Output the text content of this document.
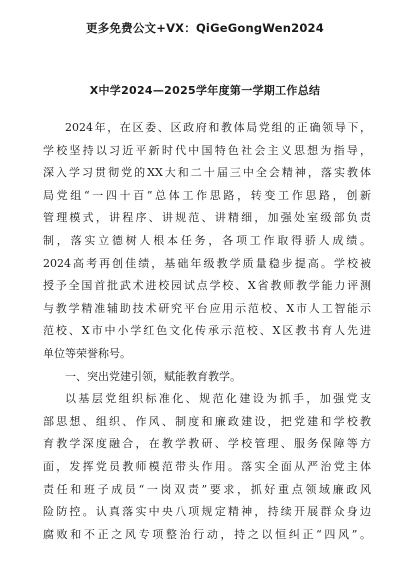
更多免费公文+VX：QiGeGongWen2024
X中学2024—2025学年度第一学期工作总结
2024年，在区委、区政府和教体局党组的正确领导下，
学校坚持以习近平新时代中国特色社会主义思想为指导，
深入学习贯彻党的XX大和二十届三中全会精神，落实教体
局党组“一四十百”总体工作思路，转变工作思路，创新
管理模式，讲程序、讲规范、讲精细，加强处室级部负责
制，落实立德树人根本任务，各项工作取得骄人成绩。
2024高考再创佳绩，基础年级教学质量稳步提高。学校被
授予全国首批武术进校园试点学校、X省教师教学能力评测
与教学精准辅助技术研究平台应用示范校、X市人工智能示
范校、X市中小学红色文化传承示范校、X区教书育人先进
单位等荣誉称号。
一、突出党建引领，赋能教育教学。
以基层党组织标准化、规范化建设为抓手，加强党支
部思想、组织、作风、制度和廉政建设，把党建和学校教
育教学深度融合，在教学教研、学校管理、服务保障等方
面，发挥党员教师模范带头作用。落实全面从严治党主体
责任和班子成员“一岗双责”要求，抓好重点领域廉政风
险防控。认真落实中央八项规定精神，持续开展群众身边
腐败和不正之风专项整治行动，持之以恒纠正“四风”。
